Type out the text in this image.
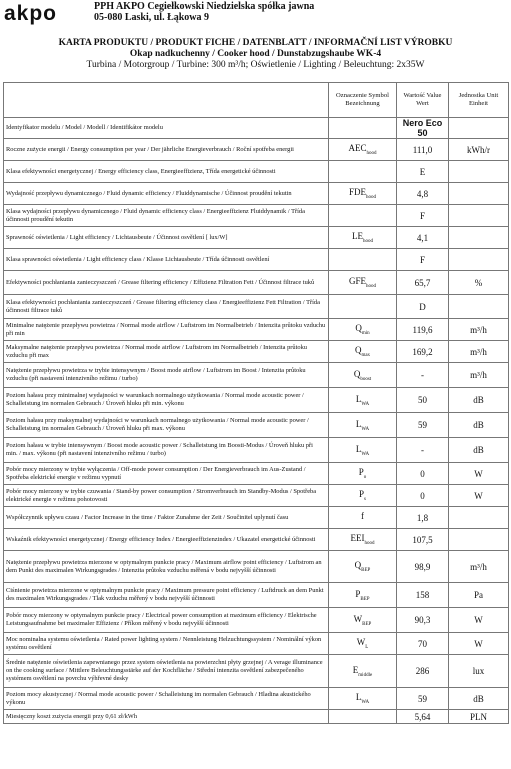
akpo	PPH AKPO Cegiełkowski Niedzielska spółka jawna
05-080 Laski, ul. Łąkowa 9
KARTA PRODUKTU / PRODUKT FICHE / DATENBLATT / INFORMAČNÍ LIST VÝROBKU
Okap nadkuchenny / Cooker hood / Dunstabzugshaube WK-4
Turbina / Motorgroup / Turbine: 300 m³/h; Oświetlenie / Lighting / Beleuchtung: 2x35W
	Oznaczenie Symbol Bezeichnung	Wartość Value Wert	Jednostka Unit Einheit
Identyfikator modelu / Model / Modell / Identifikátor modelu		Nero Eco 50	
Roczne zużycie energii / Energy consumption per year / Der jährliche Energieverbrauch / Roční spotřeba energii	$AEC_{hood}$	111,0	kWh/r
Klasa efektywności energetycznej / Energy efficiency class, Energieeffizienz, Třída energetické účinnosti		E	
Wydajność przepływu dynamicznego / Fluid dynamic efficiency / Fluiddynamische / Účinnost proudění tekutin	$FDE_{hood}$	4,8	
Klasa wydajności przepływu dynamicznego / Fluid dynamic efficiency class / Energieeffizienz Fluiddynamik / Třída účinnosti proudění tekutin		F	
Sprawność oświetlenia / Light efficiency / Lichtausbeute / Účinnost osvětlení [ lux/W]	$LE_{hood}$	4,1	
Klasa sprawności oświetlenia / Light efficiency class / Klasse Lichtausbeute / Třída účinnosti osvětlení		F	
Efektywności pochłaniania zanieczyszczeń / Grease filtering efficiency / Effizienz Filtration Fett / Účinnost filtrace tuků	$GFE_{hood}$	65,7	%
Klasa efektywności pochłaniania zanieczyszczeń / Grease filtering efficiency class / Energieeffizienz Fett Filtration / Třída účinnosti filtrace tuků		D	
Minimalne natężenie przepływu powietrza / Normal mode airflow / Luftstrom im Normalbetrieb / Intenzita průtoku vzduchu při min	$Q_{min}$	119,6	m³/h
Maksymalne natężenie przepływu powietrza / Normal mode airflow / Luftstrom im Normalbetrieb / Intenzita průtoku vzduchu při max	$Q_{max}$	169,2	m³/h
Natężenie przepływu powietrza w trybie intensywnym / Boost mode airflow / Luftstrom im Boost / Intenzita průtoku vzduchu (při nastavení intenzivního režimu / turbo)	$Q_{boost}$	-	m³/h
Poziom hałasu przy minimalnej wydajności w warunkach normalnego użytkowania / Normal mode acoustic power / Schalleistung im normalen Gebrauch / Úroveň hluku při min. výkonu	$L_{WA}$	50	dB
Poziom hałasu przy maksymalnej wydajności w warunkach normalnego użytkowania / Normal mode acoustic power / Schalleistung im normalen Gebrauch / Úroveň hluku při max. výkonu	$L_{WA}$	59	dB
Poziom hałasu w trybie intensywnym / Boost mode acoustic power / Schalleistung im Boosti-Modus / Úroveň hluku při min. / max. výkonu (při nastavení intenzivního režimu / turbo)	$L_{WA}$	-	dB
Pobór mocy mierzony w trybie wyłączenia / Off-mode power consumption / Der Energieverbrauch im Aus-Zustand / Spotřeba elektrické energie v režimu vypnutí	$P_o$	0	W
Pobór mocy mierzony w trybie czuwania / Stand-by power consumption / Stromverbrauch im Standby-Modus / Spotřeba elektrické energie v režimu pohotovosti	$P_s$	0	W
Współczynnik upływu czasu / Factor Increase in the time / Faktor Zunahme der Zeit / Součinitel uplynutí času	f	1,8	
Wskaźnik efektywności energetycznej / Energy efficiency Index / Energieeffizienzindex / Ukazatel energetické účinnosti	$EEI_{hood}$	107,5	
Natężenie przepływu powietrza mierzone w optymalnym punkcie pracy / Maximum airflow point efficiency / Luftstrom an dem Punkt des maximalen Wirkungsgrades / Intenzita průtoku vzduchu měřená v bodu nejvyšší účinnosti	$Q_{BEP}$	98,9	m³/h
Ciśnienie powietrza mierzone w optymalnym punkcie pracy / Maximum pressure point efficiency / Luftdruck an dem Punkt des maximalen Wirkungsgrades / Tlak vzduchu měřený v bodu nejvyšší účinnosti	$P_{BEP}$	158	Pa
Pobór mocy mierzony w optymalnym punkcie pracy / Electrical power consumption at maximum efficiency / Elektrische Leistungsaufnahme bei maximaler Effizienz / Příkon měřený v bodu nejvyšší účinnosti	$W_{BEP}$	90,3	W
Moc nominalna systemu oświetlenia / Rated power lighting system / Nennleistung Helzuchtungssystem / Nominální výkon systému osvětlení	$W_L$	70	W
Średnie natężenie oświetlenia zapewnianego przez system oświetlenia na powierzchni płyty grzejnej / A verage illuminance on the cooking surface / Mittlere Beleuchtungsstärke auf der Kochfläche / Střední intenzita osvětlení zabezpečeného systémem osvětlení na povrchu výhřevné desky	$E_{middle}$	286	lux
Poziom mocy akustycznej / Normal mode acoustic power / Schalleistung im normalen Gebrauch / Hladina akustického výkonu	$L_{WA}$	59	dB
Miesięczny koszt zużycia energii przy 0,61 zł/kWh		5,64	PLN
